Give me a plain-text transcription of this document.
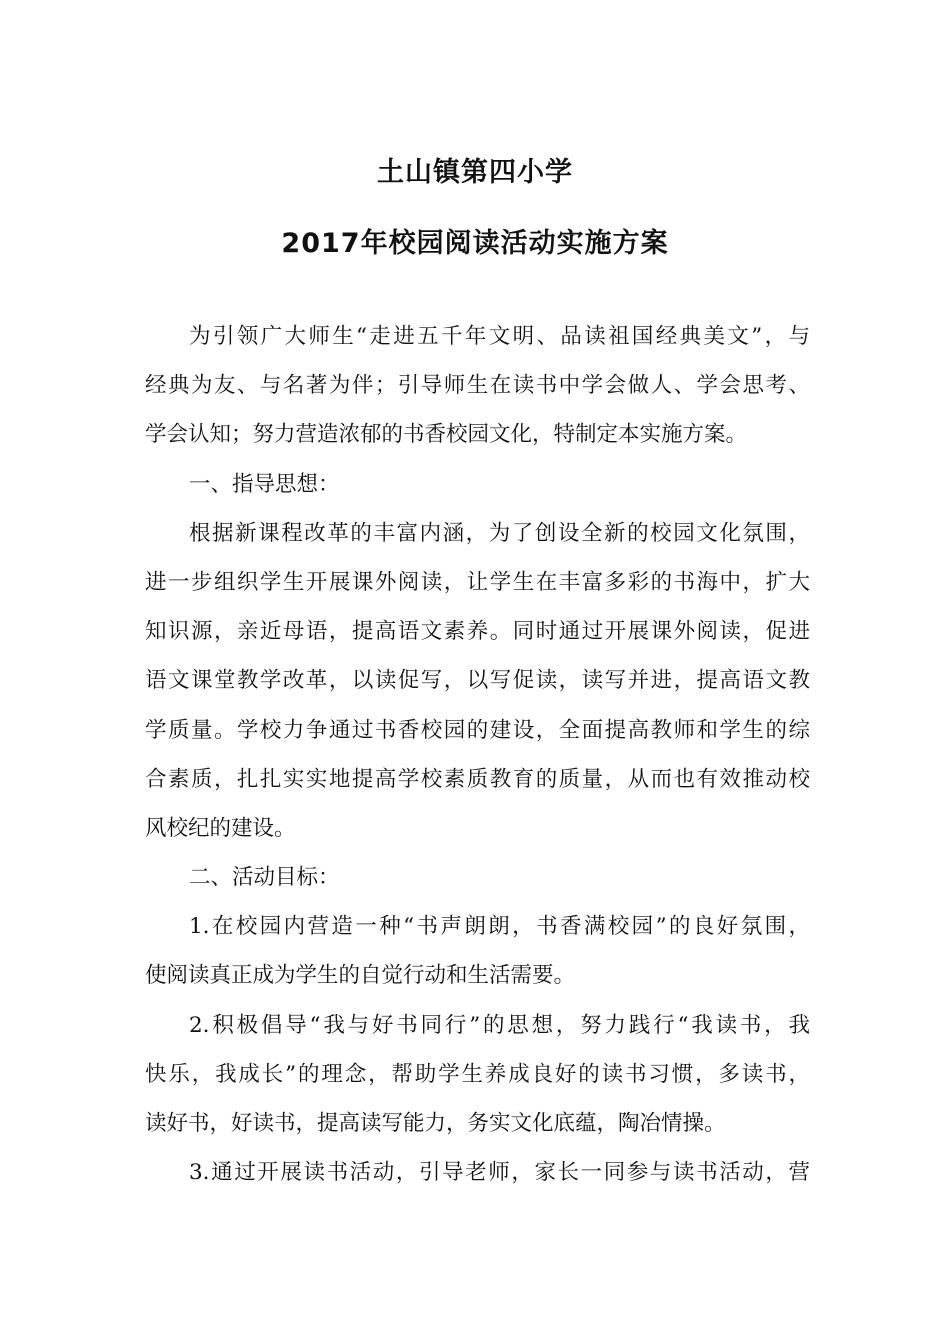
土山镇第四小学
2017年校园阅读活动实施方案
为引领广大师生“走进五千年文明、品读祖国经典美文”，与
经典为友、与名著为伴；引导师生在读书中学会做人、学会思考、
学会认知；努力营造浓郁的书香校园文化，特制定本实施方案。
一、指导思想：
根据新课程改革的丰富内涵，为了创设全新的校园文化氛围，
进一步组织学生开展课外阅读，让学生在丰富多彩的书海中，扩大
知识源，亲近母语，提高语文素养。同时通过开展课外阅读，促进
语文课堂教学改革，以读促写，以写促读，读写并进，提高语文教
学质量。学校力争通过书香校园的建设，全面提高教师和学生的综
合素质，扎扎实实地提高学校素质教育的质量，从而也有效推动校
风校纪的建设。
二、活动目标：
1.在校园内营造一种“书声朗朗，书香满校园”的良好氛围，
使阅读真正成为学生的自觉行动和生活需要。
2.积极倡导“我与好书同行”的思想，努力践行“我读书，我
快乐，我成长”的理念，帮助学生养成良好的读书习惯，多读书，
读好书，好读书，提高读写能力，务实文化底蕴，陶冶情操。
3.通过开展读书活动，引导老师，家长一同参与读书活动，营
